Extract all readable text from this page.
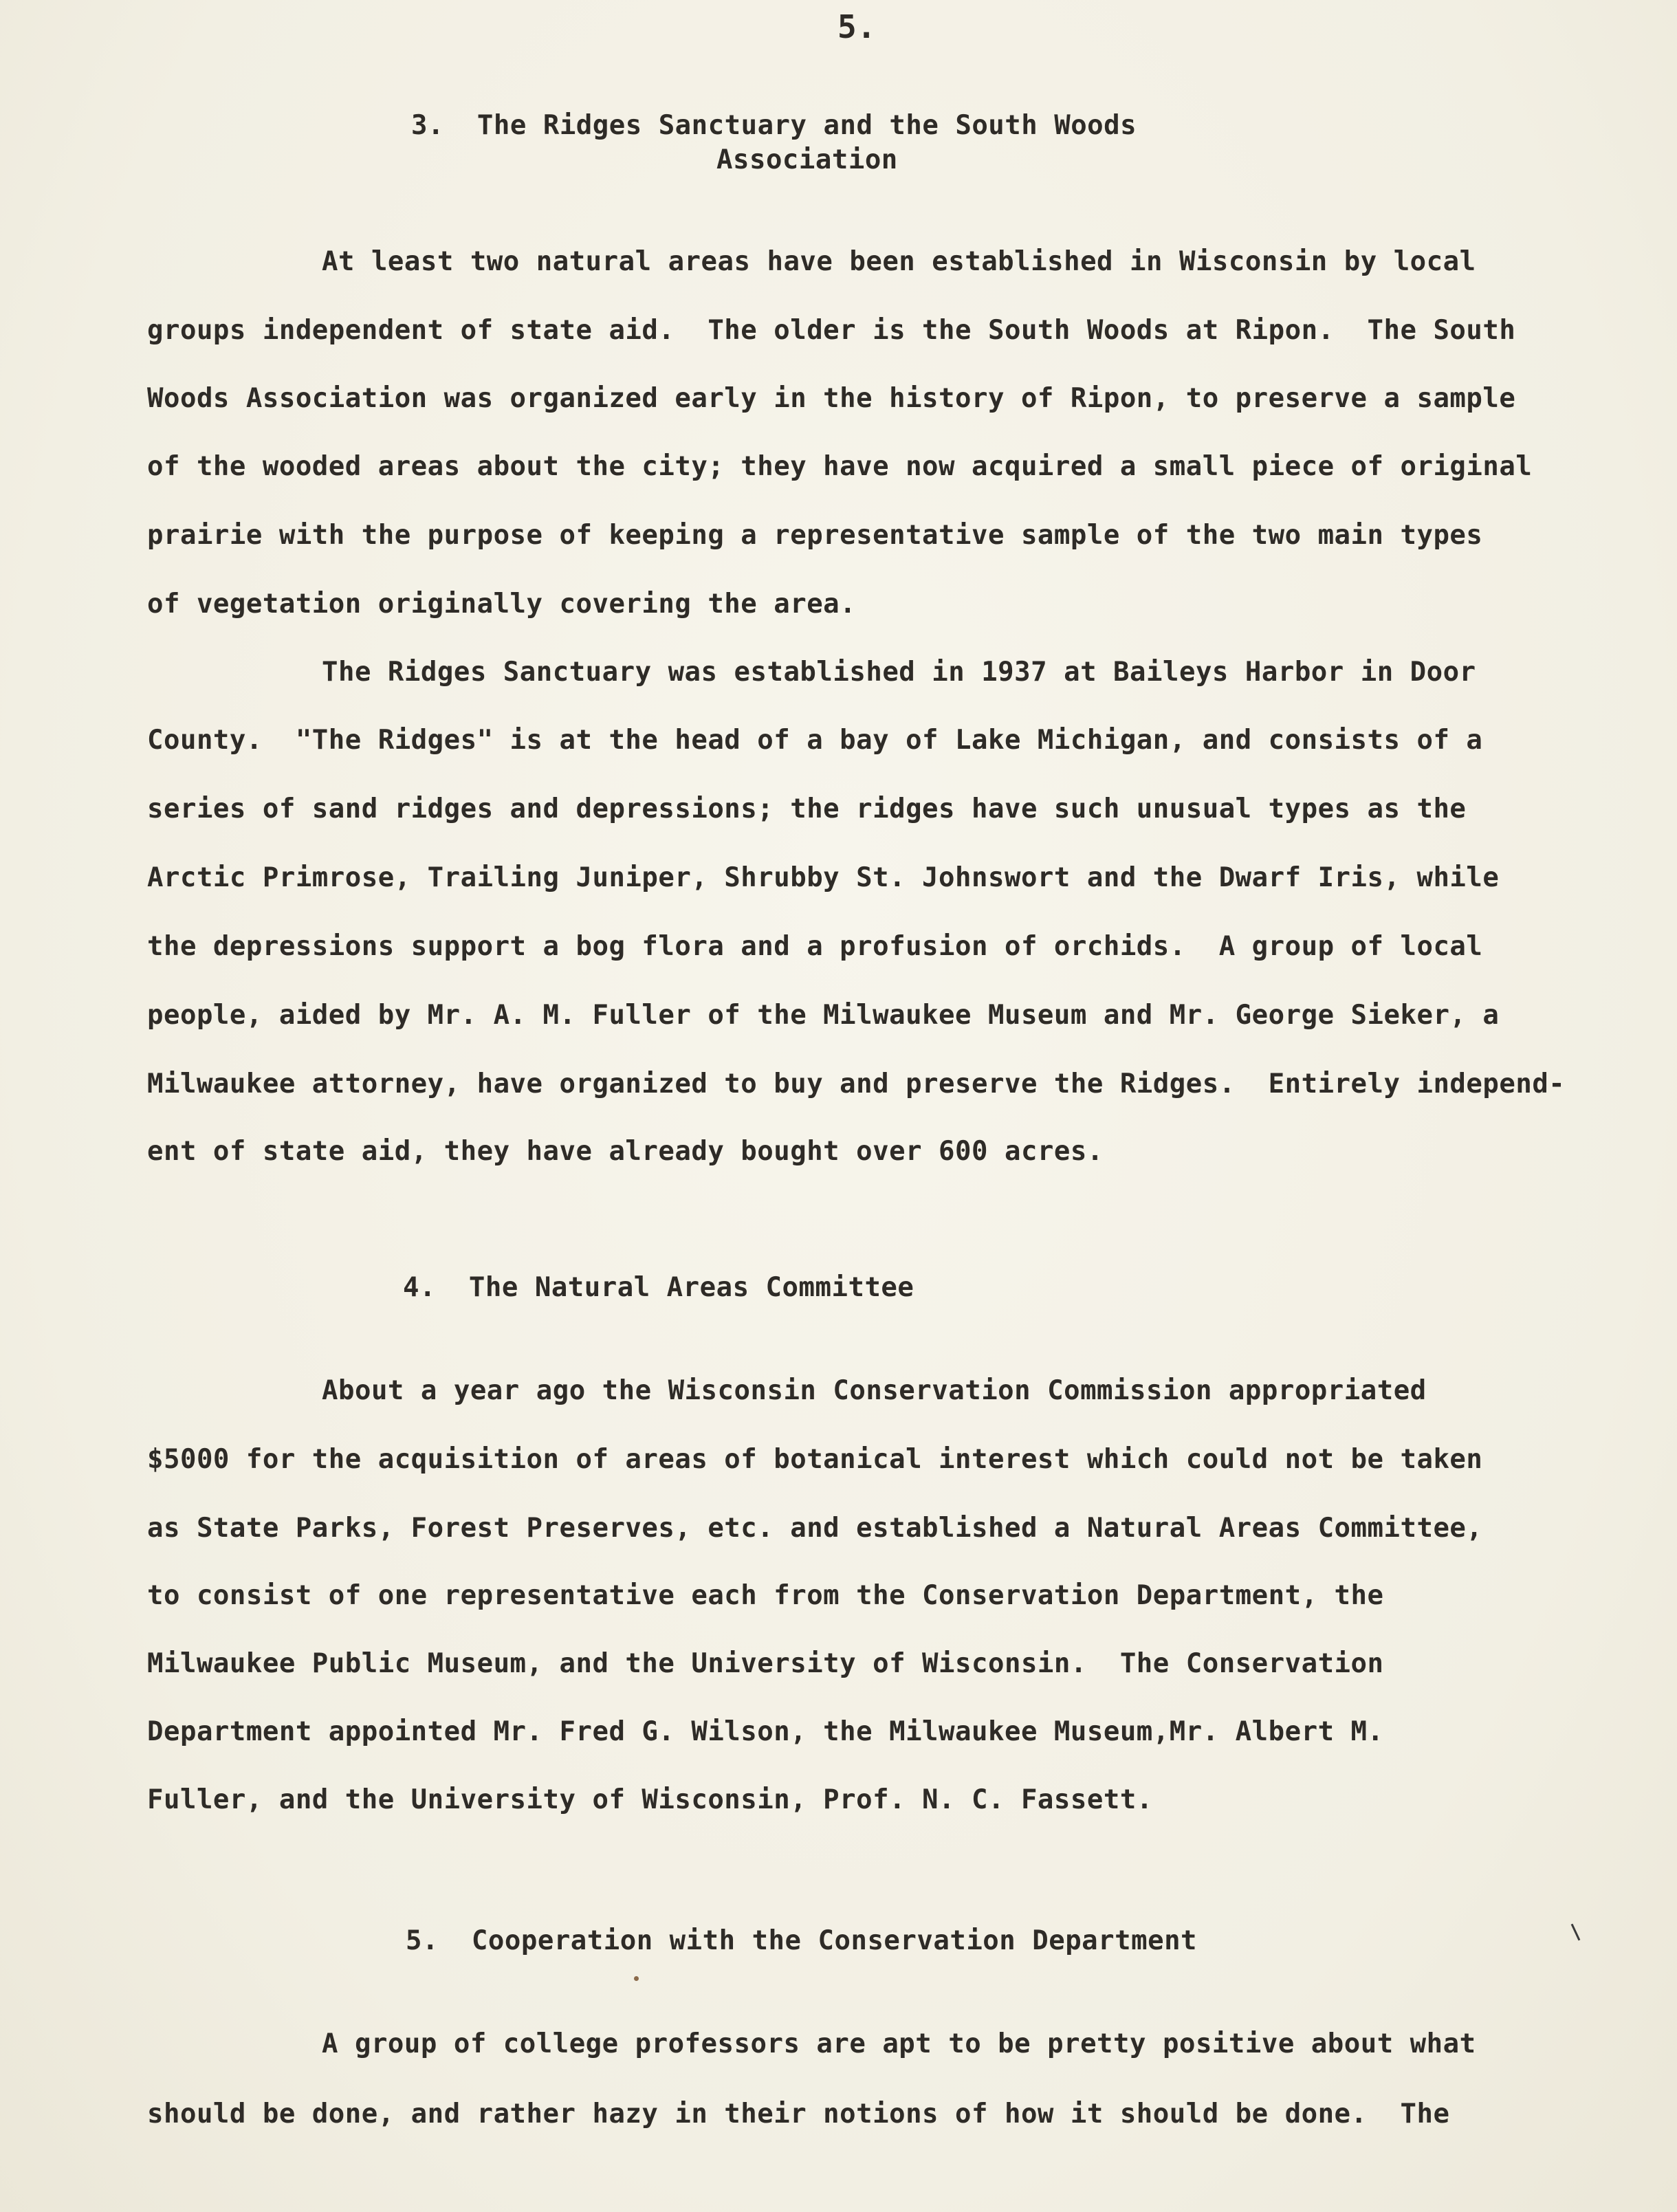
5.
3.  The Ridges Sanctuary and the South Woods
Association
At least two natural areas have been established in Wisconsin by local
groups independent of state aid.  The older is the South Woods at Ripon.  The South
Woods Association was organized early in the history of Ripon, to preserve a sample
of the wooded areas about the city; they have now acquired a small piece of original
prairie with the purpose of keeping a representative sample of the two main types
of vegetation originally covering the area.
The Ridges Sanctuary was established in 1937 at Baileys Harbor in Door
County.  "The Ridges" is at the head of a bay of Lake Michigan, and consists of a
series of sand ridges and depressions; the ridges have such unusual types as the
Arctic Primrose, Trailing Juniper, Shrubby St. Johnswort and the Dwarf Iris, while
the depressions support a bog flora and a profusion of orchids.  A group of local
people, aided by Mr. A. M. Fuller of the Milwaukee Museum and Mr. George Sieker, a
Milwaukee attorney, have organized to buy and preserve the Ridges.  Entirely independ-
ent of state aid, they have already bought over 600 acres.
4.  The Natural Areas Committee
About a year ago the Wisconsin Conservation Commission appropriated
$5000 for the acquisition of areas of botanical interest which could not be taken
as State Parks, Forest Preserves, etc. and established a Natural Areas Committee,
to consist of one representative each from the Conservation Department, the
Milwaukee Public Museum, and the University of Wisconsin.  The Conservation
Department appointed Mr. Fred G. Wilson, the Milwaukee Museum,Mr. Albert M.
Fuller, and the University of Wisconsin, Prof. N. C. Fassett.
5.  Cooperation with the Conservation Department
A group of college professors are apt to be pretty positive about what
should be done, and rather hazy in their notions of how it should be done.  The
